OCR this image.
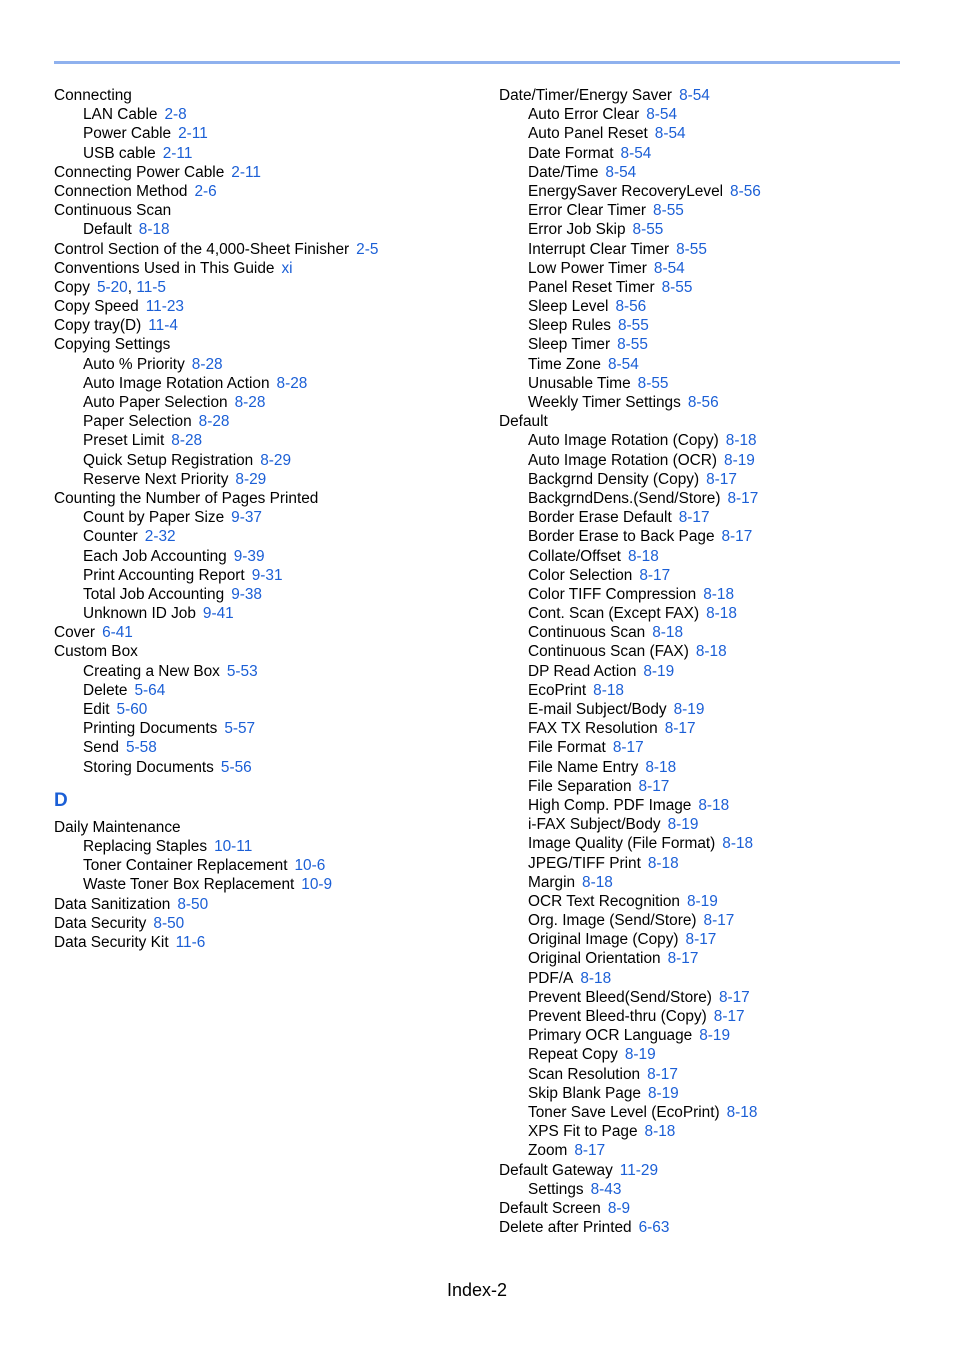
Connecting
LAN Cable 2-8
Power Cable 2-11
USB cable 2-11
Connecting Power Cable 2-11
Connection Method 2-6
Continuous Scan
Default 8-18
Control Section of the 4,000-Sheet Finisher 2-5
Conventions Used in This Guide xi
Copy 5-20, 11-5
Copy Speed 11-23
Copy tray(D) 11-4
Copying Settings
Auto % Priority 8-28
Auto Image Rotation Action 8-28
Auto Paper Selection 8-28
Paper Selection 8-28
Preset Limit 8-28
Quick Setup Registration 8-29
Reserve Next Priority 8-29
Counting the Number of Pages Printed
Count by Paper Size 9-37
Counter 2-32
Each Job Accounting 9-39
Print Accounting Report 9-31
Total Job Accounting 9-38
Unknown ID Job 9-41
Cover 6-41
Custom Box
Creating a New Box 5-53
Delete 5-64
Edit 5-60
Printing Documents 5-57
Send 5-58
Storing Documents 5-56
D
Daily Maintenance
Replacing Staples 10-11
Toner Container Replacement 10-6
Waste Toner Box Replacement 10-9
Data Sanitization 8-50
Data Security 8-50
Data Security Kit 11-6
Date/Timer/Energy Saver 8-54
Auto Error Clear 8-54
Auto Panel Reset 8-54
Date Format 8-54
Date/Time 8-54
EnergySaver RecoveryLevel 8-56
Error Clear Timer 8-55
Error Job Skip 8-55
Interrupt Clear Timer 8-55
Low Power Timer 8-54
Panel Reset Timer 8-55
Sleep Level 8-56
Sleep Rules 8-55
Sleep Timer 8-55
Time Zone 8-54
Unusable Time 8-55
Weekly Timer Settings 8-56
Default
Auto Image Rotation (Copy) 8-18
Auto Image Rotation (OCR) 8-19
Backgrnd Density (Copy) 8-17
BackgrndDens.(Send/Store) 8-17
Border Erase Default 8-17
Border Erase to Back Page 8-17
Collate/Offset 8-18
Color Selection 8-17
Color TIFF Compression 8-18
Cont. Scan (Except FAX) 8-18
Continuous Scan 8-18
Continuous Scan (FAX) 8-18
DP Read Action 8-19
EcoPrint 8-18
E-mail Subject/Body 8-19
FAX TX Resolution 8-17
File Format 8-17
File Name Entry 8-18
File Separation 8-17
High Comp. PDF Image 8-18
i-FAX Subject/Body 8-19
Image Quality (File Format) 8-18
JPEG/TIFF Print 8-18
Margin 8-18
OCR Text Recognition 8-19
Org. Image (Send/Store) 8-17
Original Image (Copy) 8-17
Original Orientation 8-17
PDF/A 8-18
Prevent Bleed(Send/Store) 8-17
Prevent Bleed-thru (Copy) 8-17
Primary OCR Language 8-19
Repeat Copy 8-19
Scan Resolution 8-17
Skip Blank Page 8-19
Toner Save Level (EcoPrint) 8-18
XPS Fit to Page 8-18
Zoom 8-17
Default Gateway 11-29
Settings 8-43
Default Screen 8-9
Delete after Printed 6-63
Index-2
